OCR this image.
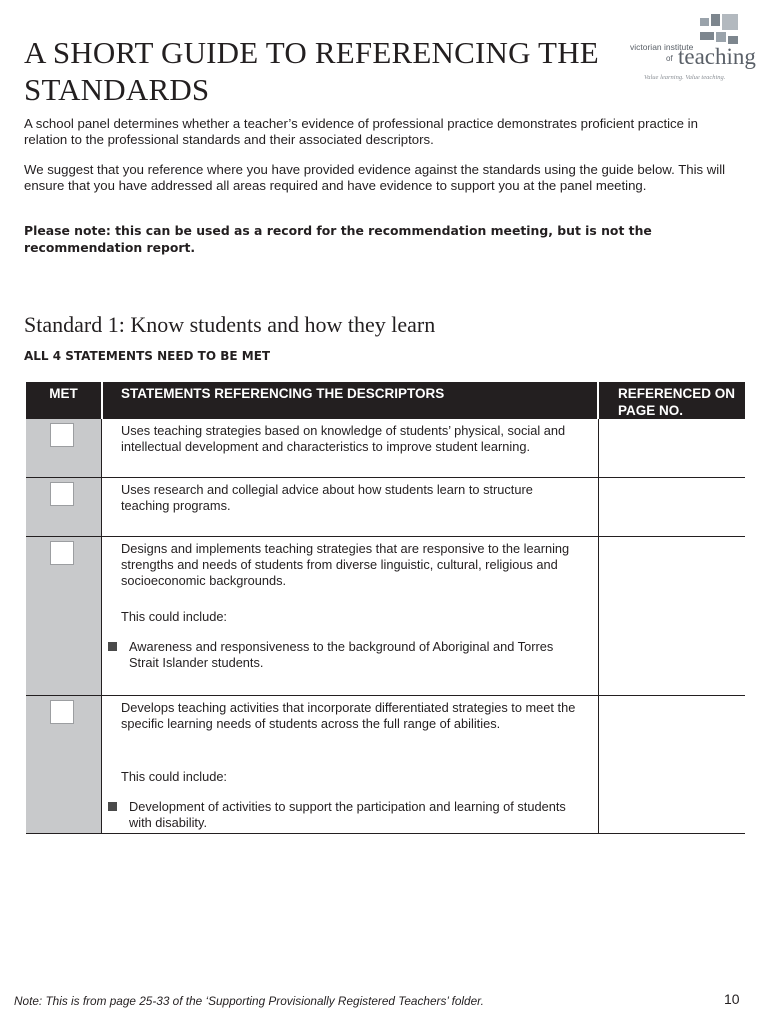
A SHORT GUIDE TO REFERENCING THE STANDARDS
victorian institute
of teaching
Value learning. Value teaching.

A school panel determines whether a teacher’s evidence of professional practice demonstrates proficient practice in relation to the professional standards and their associated descriptors.

We suggest that you reference where you have provided evidence against the standards using the guide below. This will ensure that you have addressed all areas required and have evidence to support you at the panel meeting.

Please note: this can be used as a record for the recommendation meeting, but is not the recommendation report.

Standard 1: Know students and how they learn

ALL 4 STATEMENTS NEED TO BE MET

MET	STATEMENTS REFERENCING THE DESCRIPTORS	REFERENCED ON PAGE NO.

Uses teaching strategies based on knowledge of students’ physical, social and intellectual development and characteristics to improve student learning.

Uses research and collegial advice about how students learn to structure teaching programs.

Designs and implements teaching strategies that are responsive to the learning strengths and needs of students from diverse linguistic, cultural, religious and socioeconomic backgrounds.

This could include:

Awareness and responsiveness to the background of Aboriginal and Torres Strait Islander students.

Develops teaching activities that incorporate differentiated strategies to meet the specific learning needs of students across the full range of abilities.

This could include:

Development of activities to support the participation and learning of students with disability.

Note: This is from page 25-33 of the ‘Supporting Provisionally Registered Teachers’ folder.	10
